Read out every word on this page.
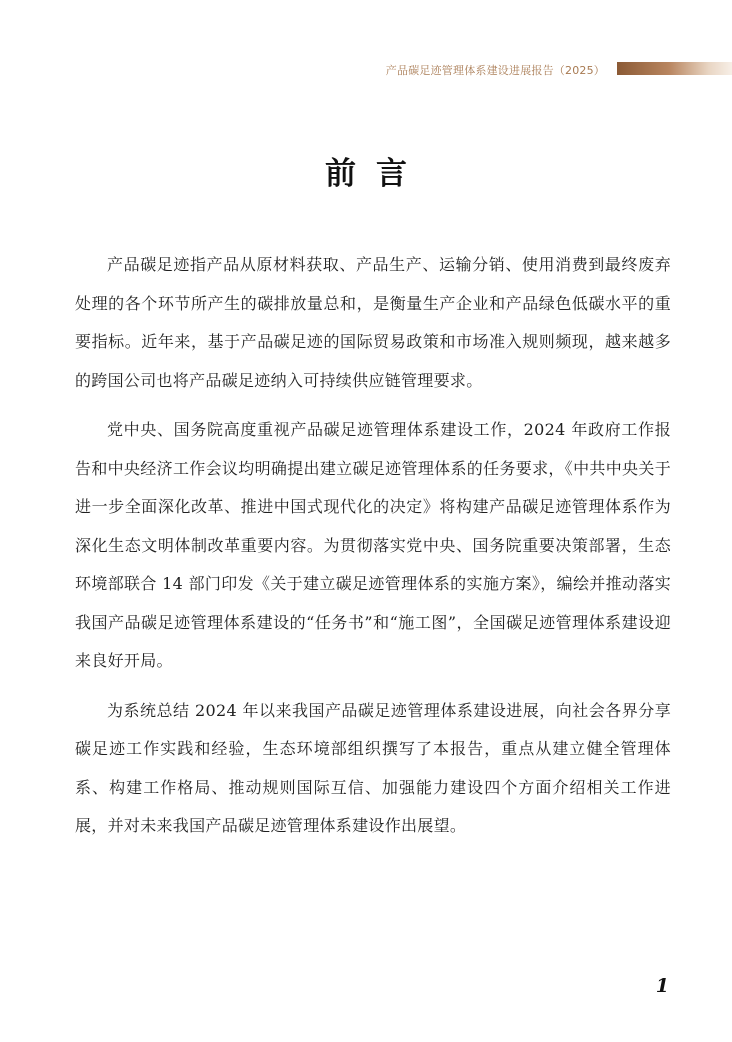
产品碳足迹管理体系建设进展报告（2025）
前言

产品碳足迹指产品从原材料获取、产品生产、运输分销、使用消费到最终废弃处理的各个环节所产生的碳排放量总和，是衡量生产企业和产品绿色低碳水平的重要指标。近年来，基于产品碳足迹的国际贸易政策和市场准入规则频现，越来越多的跨国公司也将产品碳足迹纳入可持续供应链管理要求。

党中央、国务院高度重视产品碳足迹管理体系建设工作，2024 年政府工作报告和中央经济工作会议均明确提出建立碳足迹管理体系的任务要求，《中共中央关于进一步全面深化改革、推进中国式现代化的决定》将构建产品碳足迹管理体系作为深化生态文明体制改革重要内容。为贯彻落实党中央、国务院重要决策部署，生态环境部联合 14 部门印发《关于建立碳足迹管理体系的实施方案》，编绘并推动落实我国产品碳足迹管理体系建设的“任务书”和“施工图”，全国碳足迹管理体系建设迎来良好开局。

为系统总结 2024 年以来我国产品碳足迹管理体系建设进展，向社会各界分享碳足迹工作实践和经验，生态环境部组织撰写了本报告，重点从建立健全管理体系、构建工作格局、推动规则国际互信、加强能力建设四个方面介绍相关工作进展，并对未来我国产品碳足迹管理体系建设作出展望。

1
